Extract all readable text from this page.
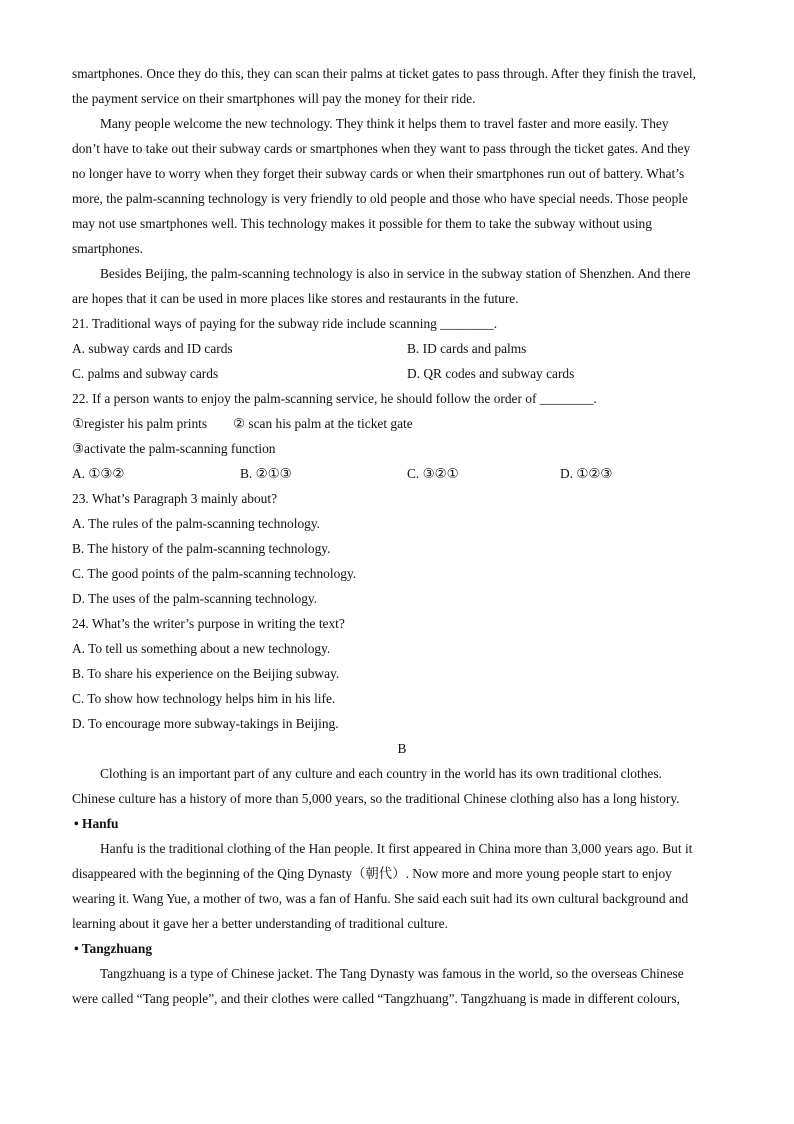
smartphones. Once they do this, they can scan their palms at ticket gates to pass through. After they finish the travel,
the payment service on their smartphones will pay the money for their ride.
Many people welcome the new technology. They think it helps them to travel faster and more easily. They
don’t have to take out their subway cards or smartphones when they want to pass through the ticket gates. And they
no longer have to worry when they forget their subway cards or when their smartphones run out of battery. What’s
more, the palm-scanning technology is very friendly to old people and those who have special needs. Those people
may not use smartphones well. This technology makes it possible for them to take the subway without using
smartphones.
Besides Beijing, the palm-scanning technology is also in service in the subway station of Shenzhen. And there
are hopes that it can be used in more places like stores and restaurants in the future.
21. Traditional ways of paying for the subway ride include scanning ________.
A. subway cards and ID cards	B. ID cards and palms
C. palms and subway cards	D. QR codes and subway cards
22. If a person wants to enjoy the palm-scanning service, he should follow the order of ________.
①register his palm prints	② scan his palm at the ticket gate
③activate the palm-scanning function
A. ①③②	B. ②①③	C. ③②①	D. ①②③
23. What’s Paragraph 3 mainly about?
A. The rules of the palm-scanning technology.
B. The history of the palm-scanning technology.
C. The good points of the palm-scanning technology.
D. The uses of the palm-scanning technology.
24. What’s the writer’s purpose in writing the text?
A. To tell us something about a new technology.
B. To share his experience on the Beijing subway.
C. To show how technology helps him in his life.
D. To encourage more subway-takings in Beijing.
B
Clothing is an important part of any culture and each country in the world has its own traditional clothes.
Chinese culture has a history of more than 5,000 years, so the traditional Chinese clothing also has a long history.
• Hanfu
Hanfu is the traditional clothing of the Han people. It first appeared in China more than 3,000 years ago. But it
disappeared with the beginning of the Qing Dynasty（朝代）. Now more and more young people start to enjoy
wearing it. Wang Yue, a mother of two, was a fan of Hanfu. She said each suit had its own cultural background and
learning about it gave her a better understanding of traditional culture.
• Tangzhuang
Tangzhuang is a type of Chinese jacket. The Tang Dynasty was famous in the world, so the overseas Chinese
were called “Tang people”, and their clothes were called “Tangzhuang”. Tangzhuang is made in different colours,
